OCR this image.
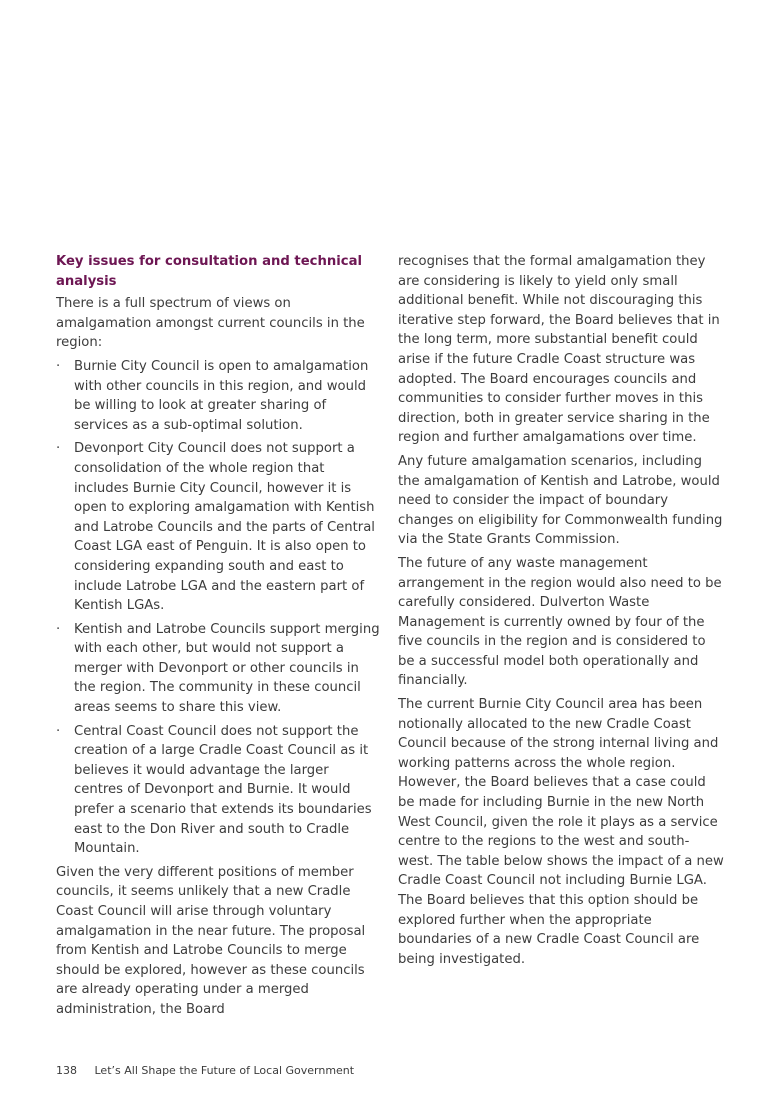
Key issues for consultation and technical analysis

There is a full spectrum of views on amalgamation amongst current councils in the region:

·	Burnie City Council is open to amalgamation with other councils in this region, and would be willing to look at greater sharing of services as a sub-optimal solution.
·	Devonport City Council does not support a consolidation of the whole region that includes Burnie City Council, however it is open to exploring amalgamation with Kentish and Latrobe Councils and the parts of Central Coast LGA east of Penguin. It is also open to considering expanding south and east to include Latrobe LGA and the eastern part of Kentish LGAs.
·	Kentish and Latrobe Councils support merging with each other, but would not support a merger with Devonport or other councils in the region. The community in these council areas seems to share this view.
·	Central Coast Council does not support the creation of a large Cradle Coast Council as it believes it would advantage the larger centres of Devonport and Burnie. It would prefer a scenario that extends its boundaries east to the Don River and south to Cradle Mountain.

Given the very different positions of member councils, it seems unlikely that a new Cradle Coast Council will arise through voluntary amalgamation in the near future. The proposal from Kentish and Latrobe Councils to merge should be explored, however as these councils are already operating under a merged administration, the Board

recognises that the formal amalgamation they are considering is likely to yield only small additional benefit. While not discouraging this iterative step forward, the Board believes that in the long term, more substantial benefit could arise if the future Cradle Coast structure was adopted. The Board encourages councils and communities to consider further moves in this direction, both in greater service sharing in the region and further amalgamations over time.

Any future amalgamation scenarios, including the amalgamation of Kentish and Latrobe, would need to consider the impact of boundary changes on eligibility for Commonwealth funding via the State Grants Commission.

The future of any waste management arrangement in the region would also need to be carefully considered. Dulverton Waste Management is currently owned by four of the five councils in the region and is considered to be a successful model both operationally and financially.

The current Burnie City Council area has been notionally allocated to the new Cradle Coast Council because of the strong internal living and working patterns across the whole region. However, the Board believes that a case could be made for including Burnie in the new North West Council, given the role it plays as a service centre to the regions to the west and south-west. The table below shows the impact of a new Cradle Coast Council not including Burnie LGA. The Board believes that this option should be explored further when the appropriate boundaries of a new Cradle Coast Council are being investigated.

138 Let’s All Shape the Future of Local Government
